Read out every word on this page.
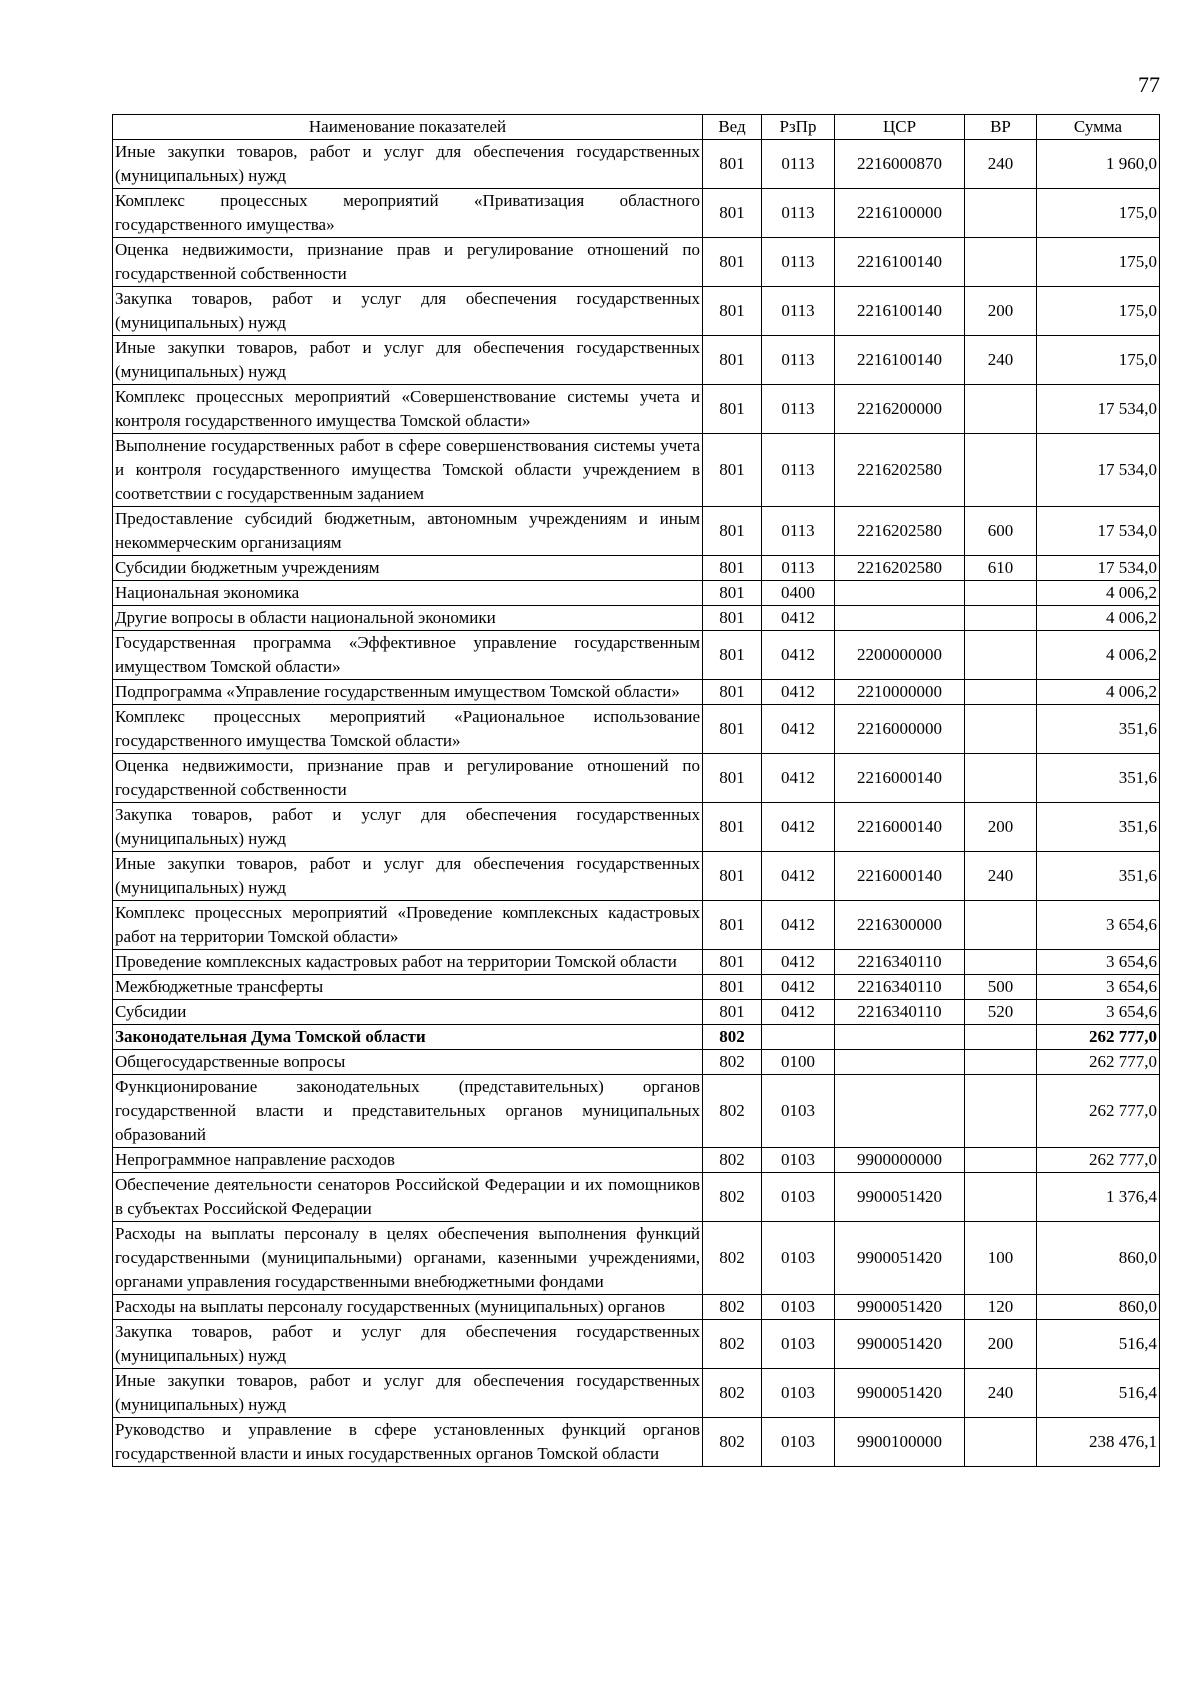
77
Наименование показателей	Вед	РзПр	ЦСР	ВР	Сумма
Иные закупки товаров, работ и услуг для обеспечения государственных (муниципальных) нужд	801	0113	2216000870	240	1 960,0
Комплекс процессных мероприятий «Приватизация областного государственного имущества»	801	0113	2216100000		175,0
Оценка недвижимости, признание прав и регулирование отношений по государственной собственности	801	0113	2216100140		175,0
Закупка товаров, работ и услуг для обеспечения государственных (муниципальных) нужд	801	0113	2216100140	200	175,0
Иные закупки товаров, работ и услуг для обеспечения государственных (муниципальных) нужд	801	0113	2216100140	240	175,0
Комплекс процессных мероприятий «Совершенствование системы учета и контроля государственного имущества Томской области»	801	0113	2216200000		17 534,0
Выполнение государственных работ в сфере совершенствования системы учета и контроля государственного имущества Томской области учреждением в соответствии с государственным заданием	801	0113	2216202580		17 534,0
Предоставление субсидий бюджетным, автономным учреждениям и иным некоммерческим организациям	801	0113	2216202580	600	17 534,0
Субсидии бюджетным учреждениям	801	0113	2216202580	610	17 534,0
Национальная экономика	801	0400			4 006,2
Другие вопросы в области национальной экономики	801	0412			4 006,2
Государственная программа «Эффективное управление государственным имуществом Томской области»	801	0412	2200000000		4 006,2
Подпрограмма «Управление государственным имуществом Томской области»	801	0412	2210000000		4 006,2
Комплекс процессных мероприятий «Рациональное использование государственного имущества Томской области»	801	0412	2216000000		351,6
Оценка недвижимости, признание прав и регулирование отношений по государственной собственности	801	0412	2216000140		351,6
Закупка товаров, работ и услуг для обеспечения государственных (муниципальных) нужд	801	0412	2216000140	200	351,6
Иные закупки товаров, работ и услуг для обеспечения государственных (муниципальных) нужд	801	0412	2216000140	240	351,6
Комплекс процессных мероприятий «Проведение комплексных кадастровых работ на территории Томской области»	801	0412	2216300000		3 654,6
Проведение комплексных кадастровых работ на территории Томской области	801	0412	2216340110		3 654,6
Межбюджетные трансферты	801	0412	2216340110	500	3 654,6
Субсидии	801	0412	2216340110	520	3 654,6
Законодательная Дума Томской области	802				262 777,0
Общегосударственные вопросы	802	0100			262 777,0
Функционирование законодательных (представительных) органов государственной власти и представительных органов муниципальных образований	802	0103			262 777,0
Непрограммное направление расходов	802	0103	9900000000		262 777,0
Обеспечение деятельности сенаторов Российской Федерации и их помощников в субъектах Российской Федерации	802	0103	9900051420		1 376,4
Расходы на выплаты персоналу в целях обеспечения выполнения функций государственными (муниципальными) органами, казенными учреждениями, органами управления государственными внебюджетными фондами	802	0103	9900051420	100	860,0
Расходы на выплаты персоналу государственных (муниципальных) органов	802	0103	9900051420	120	860,0
Закупка товаров, работ и услуг для обеспечения государственных (муниципальных) нужд	802	0103	9900051420	200	516,4
Иные закупки товаров, работ и услуг для обеспечения государственных (муниципальных) нужд	802	0103	9900051420	240	516,4
Руководство и управление в сфере установленных функций органов государственной власти и иных государственных органов Томской области	802	0103	9900100000		238 476,1
